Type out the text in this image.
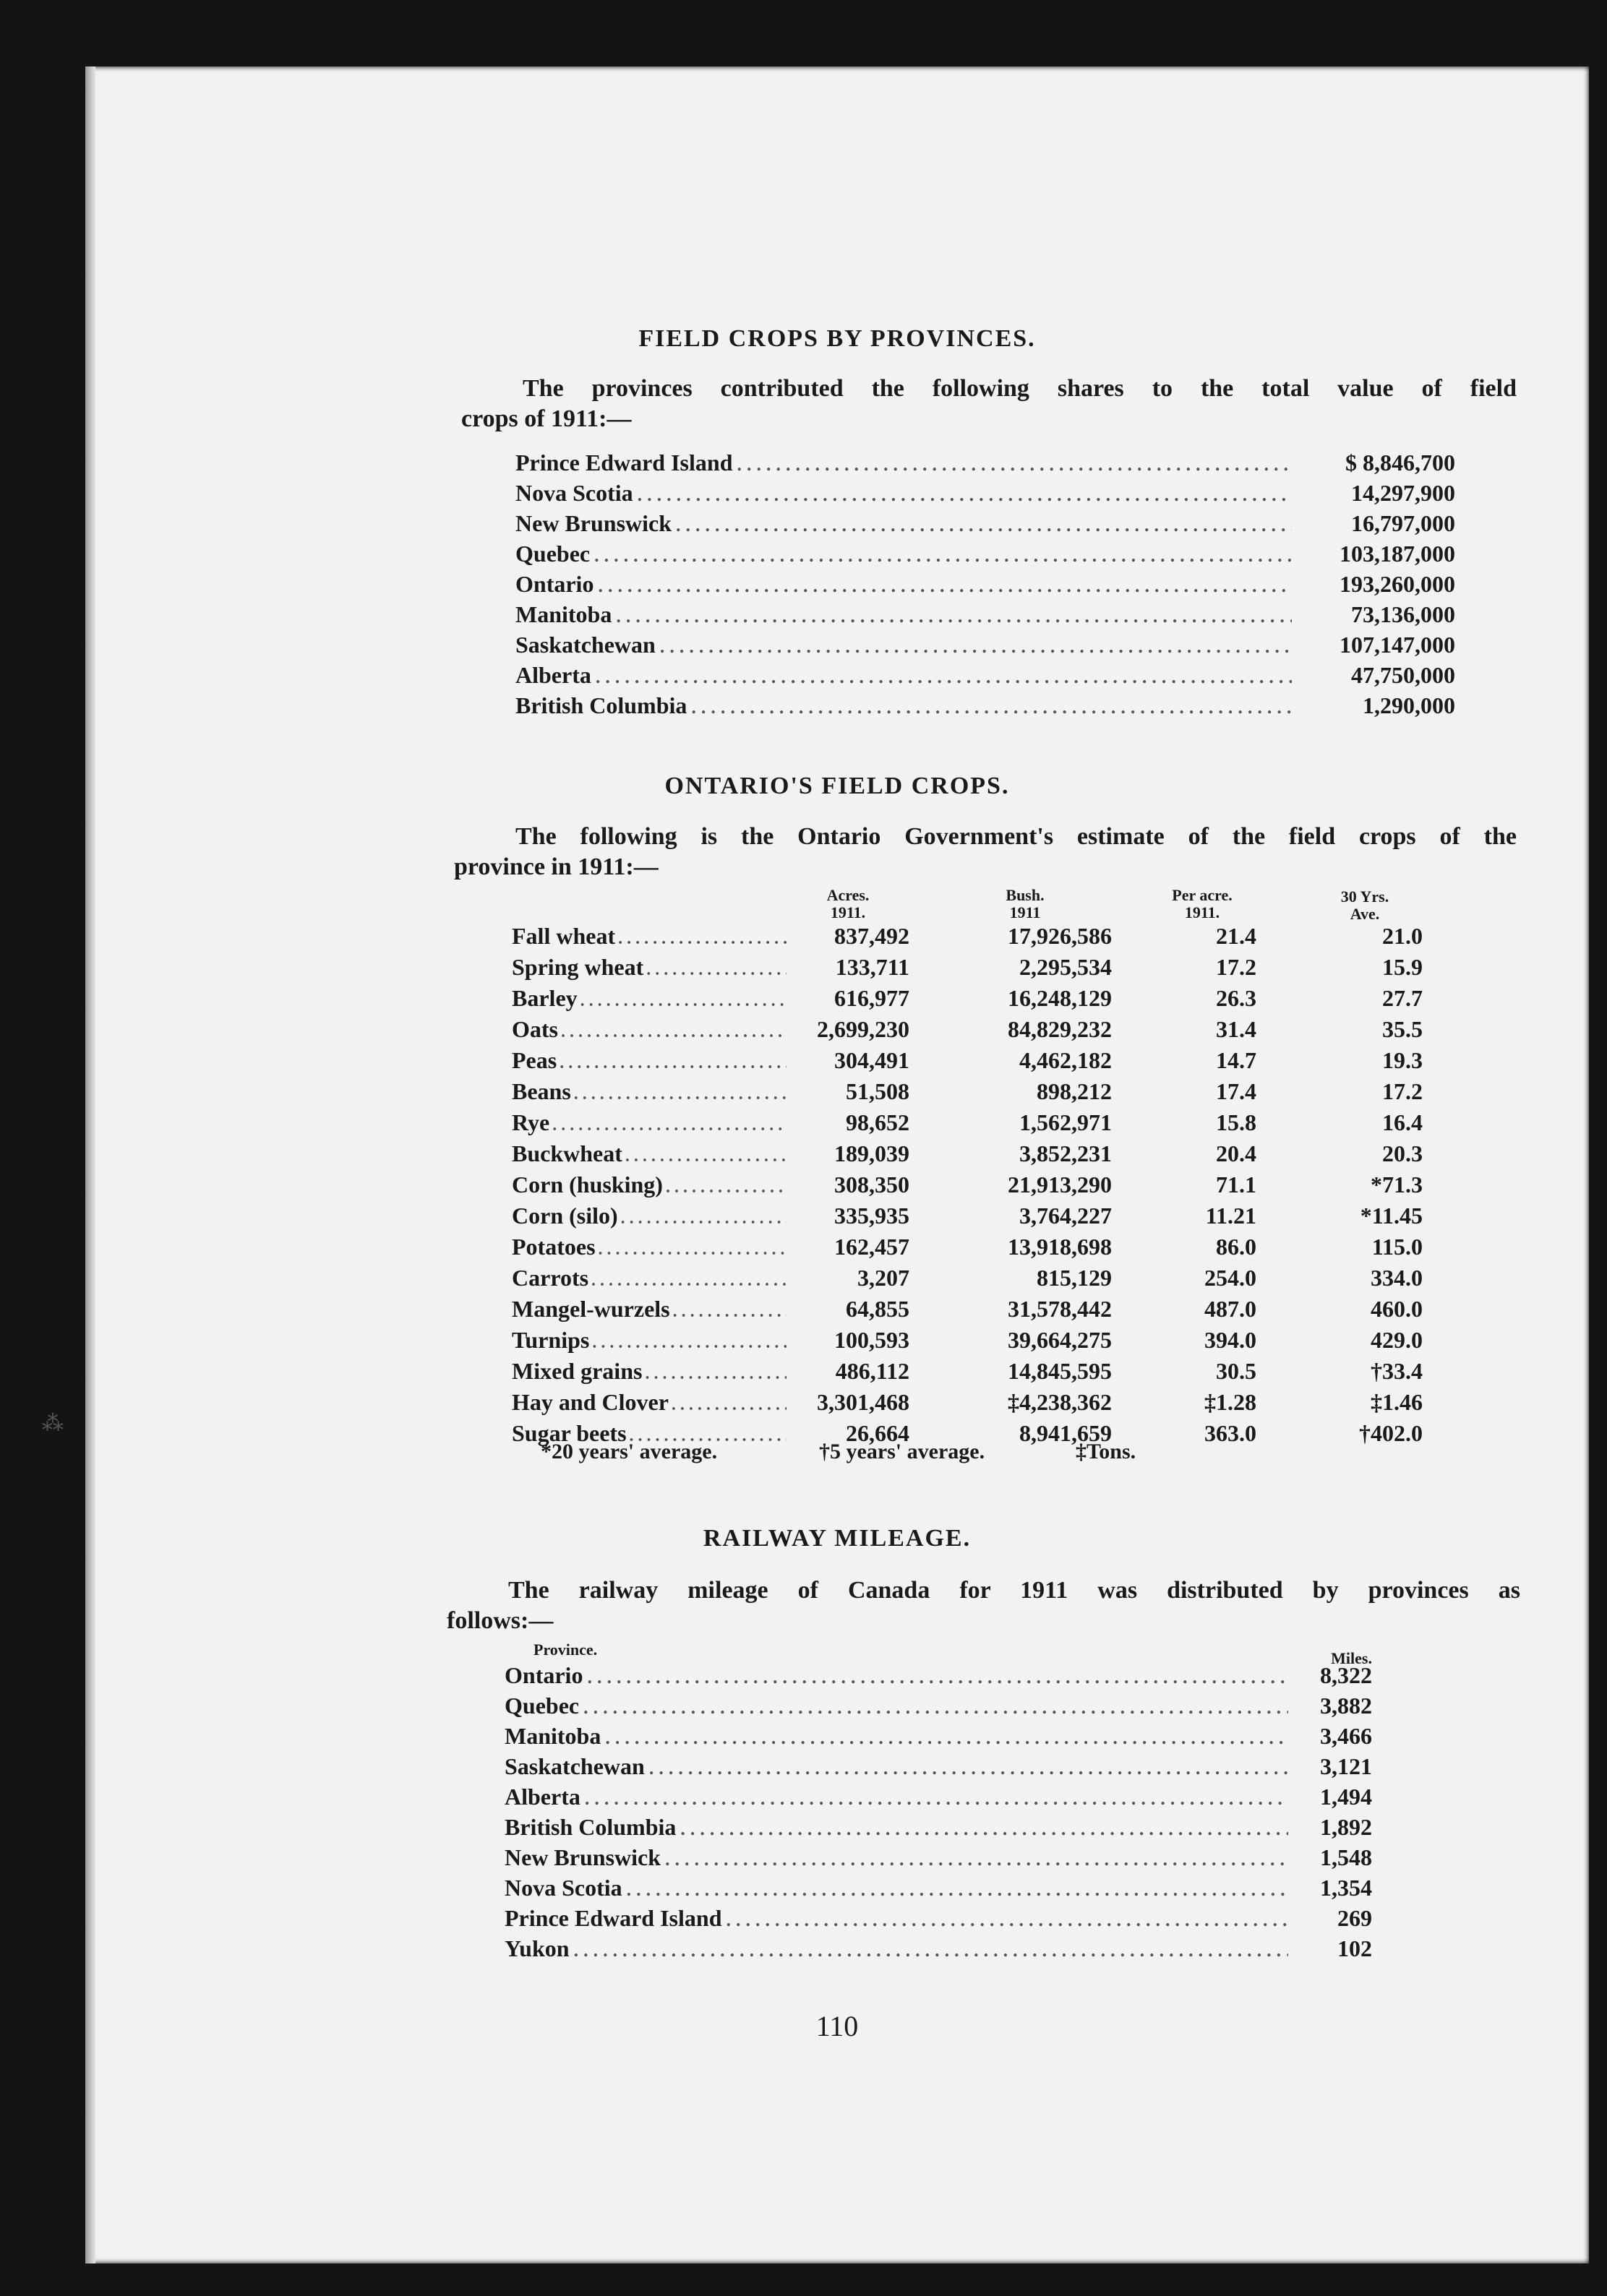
FIELD CROPS BY PROVINCES.
The provinces contributed the following shares to the total value of field
crops of 1911:—
Prince Edward Island .....	$ 8,846,700
Nova Scotia .....	14,297,900
New Brunswick .....	16,797,000
Quebec .....	103,187,000
Ontario .....	193,260,000
Manitoba .....	73,136,000
Saskatchewan .....	107,147,000
Alberta .....	47,750,000
British Columbia .....	1,290,000
ONTARIO'S FIELD CROPS.
The following is the Ontario Government's estimate of the field crops of the
province in 1911:—
Acres.
1911.
Bush.
1911
Per acre.
1911.
30 Yrs.
Ave.
Fall wheat .....	837,492	17,926,586	21.4	21.0
Spring wheat .....	133,711	2,295,534	17.2	15.9
Barley .....	616,977	16,248,129	26.3	27.7
Oats .....	2,699,230	84,829,232	31.4	35.5
Peas .....	304,491	4,462,182	14.7	19.3
Beans .....	51,508	898,212	17.4	17.2
Rye .....	98,652	1,562,971	15.8	16.4
Buckwheat .....	189,039	3,852,231	20.4	20.3
Corn (husking) .....	308,350	21,913,290	71.1	*71.3
Corn (silo) .....	335,935	3,764,227	11.21	*11.45
Potatoes .....	162,457	13,918,698	86.0	115.0
Carrots .....	3,207	815,129	254.0	334.0
Mangel-wurzels .....	64,855	31,578,442	487.0	460.0
Turnips .....	100,593	39,664,275	394.0	429.0
Mixed grains .....	486,112	14,845,595	30.5	†33.4
Hay and Clover .....	3,301,468	‡4,238,362	‡1.28	‡1.46
Sugar beets .....	26,664	8,941,659	363.0	†402.0
*20 years' average.	†5 years' average.	‡Tons.
RAILWAY MILEAGE.
The railway mileage of Canada for 1911 was distributed by provinces as
follows:—
Province.	Miles.
Ontario .....	8,322
Quebec .....	3,882
Manitoba .....	3,466
Saskatchewan .....	3,121
Alberta .....	1,494
British Columbia .....	1,892
New Brunswick .....	1,548
Nova Scotia .....	1,354
Prince Edward Island .....	269
Yukon .....	102
110
⁂
